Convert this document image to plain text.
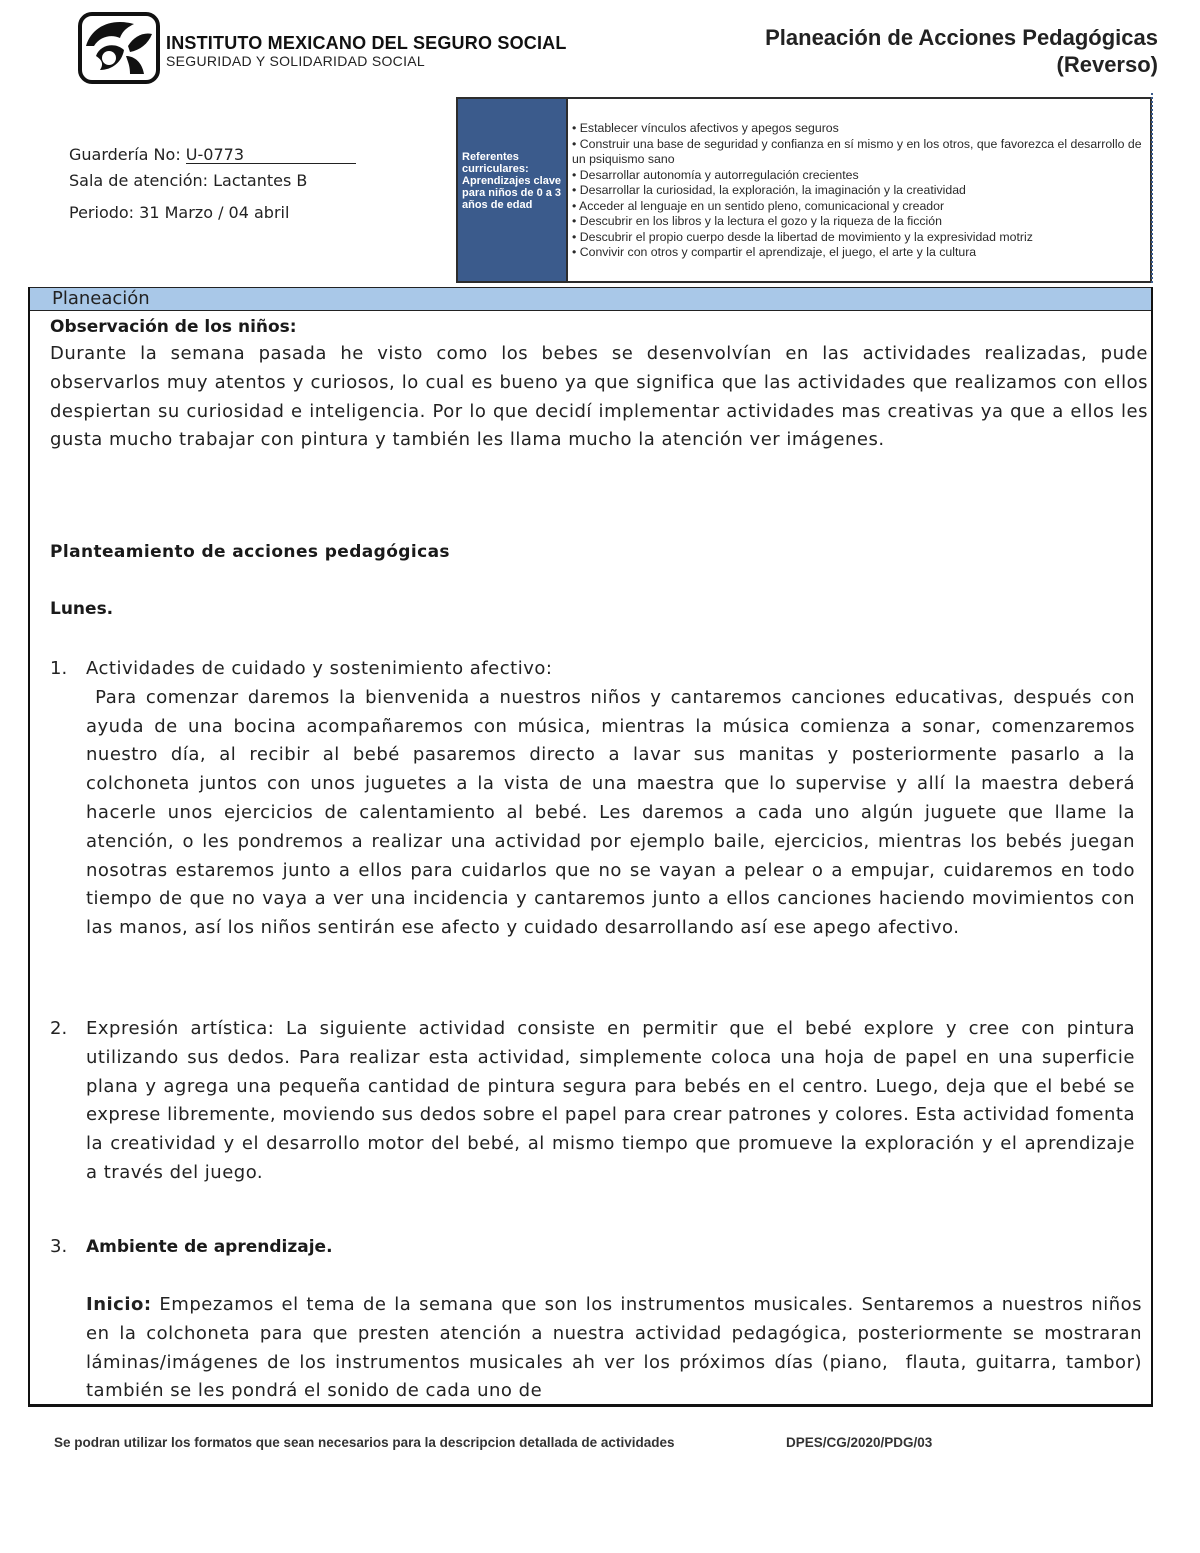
INSTITUTO MEXICANO DEL SEGURO SOCIAL
SEGURIDAD Y SOLIDARIDAD SOCIAL
Planeación de Acciones Pedagógicas
(Reverso)
Guardería No: U-0773
Sala de atención: Lactantes B
Periodo: 31 Marzo / 04 abril
Referentes curriculares: Aprendizajes clave para niños de 0 a 3 años de edad
• Establecer vínculos afectivos y apegos seguros
• Construir una base de seguridad y confianza en sí mismo y en los otros, que favorezca el desarrollo de un psiquismo sano
• Desarrollar autonomía y autorregulación crecientes
• Desarrollar la curiosidad, la exploración, la imaginación y la creatividad
• Acceder al lenguaje en un sentido pleno, comunicacional y creador
• Descubrir en los libros y la lectura el gozo y la riqueza de la ficción
• Descubrir el propio cuerpo desde la libertad de movimiento y la expresividad motriz
• Convivir con otros y compartir el aprendizaje, el juego, el arte y la cultura
Planeación
Observación de los niños:
Durante la semana pasada he visto como los bebes se desenvolvían en las actividades realizadas, pude observarlos muy atentos y curiosos, lo cual es bueno ya que significa que las actividades que realizamos con ellos despiertan su curiosidad e inteligencia. Por lo que decidí implementar actividades mas creativas ya que a ellos les gusta mucho trabajar con pintura y también les llama mucho la atención ver imágenes.
Planteamiento de acciones pedagógicas
Lunes.
1. Actividades de cuidado y sostenimiento afectivo:
Para comenzar daremos la bienvenida a nuestros niños y cantaremos canciones educativas, después con ayuda de una bocina acompañaremos con música, mientras la música comienza a sonar, comenzaremos nuestro día, al recibir al bebé pasaremos directo a lavar sus manitas y posteriormente pasarlo a la colchoneta juntos con unos juguetes a la vista de una maestra que lo supervise y allí la maestra deberá hacerle unos ejercicios de calentamiento al bebé. Les daremos a cada uno algún juguete que llame la atención, o les pondremos a realizar una actividad por ejemplo baile, ejercicios, mientras los bebés juegan nosotras estaremos junto a ellos para cuidarlos que no se vayan a pelear o a empujar, cuidaremos en todo tiempo de que no vaya a ver una incidencia y cantaremos junto a ellos canciones haciendo movimientos con las manos, así los niños sentirán ese afecto y cuidado desarrollando así ese apego afectivo.
2. Expresión artística: La siguiente actividad consiste en permitir que el bebé explore y cree con pintura utilizando sus dedos. Para realizar esta actividad, simplemente coloca una hoja de papel en una superficie plana y agrega una pequeña cantidad de pintura segura para bebés en el centro. Luego, deja que el bebé se exprese libremente, moviendo sus dedos sobre el papel para crear patrones y colores. Esta actividad fomenta la creatividad y el desarrollo motor del bebé, al mismo tiempo que promueve la exploración y el aprendizaje a través del juego.
3. Ambiente de aprendizaje.
Inicio: Empezamos el tema de la semana que son los instrumentos musicales. Sentaremos a nuestros niños en la colchoneta para que presten atención a nuestra actividad pedagógica, posteriormente se mostraran láminas/imágenes de los instrumentos musicales ah ver los próximos días (piano,  flauta, guitarra, tambor) también se les pondrá el sonido de cada uno de
Se podran utilizar los formatos que sean necesarios para la descripcion detallada de actividades	DPES/CG/2020/PDG/03
